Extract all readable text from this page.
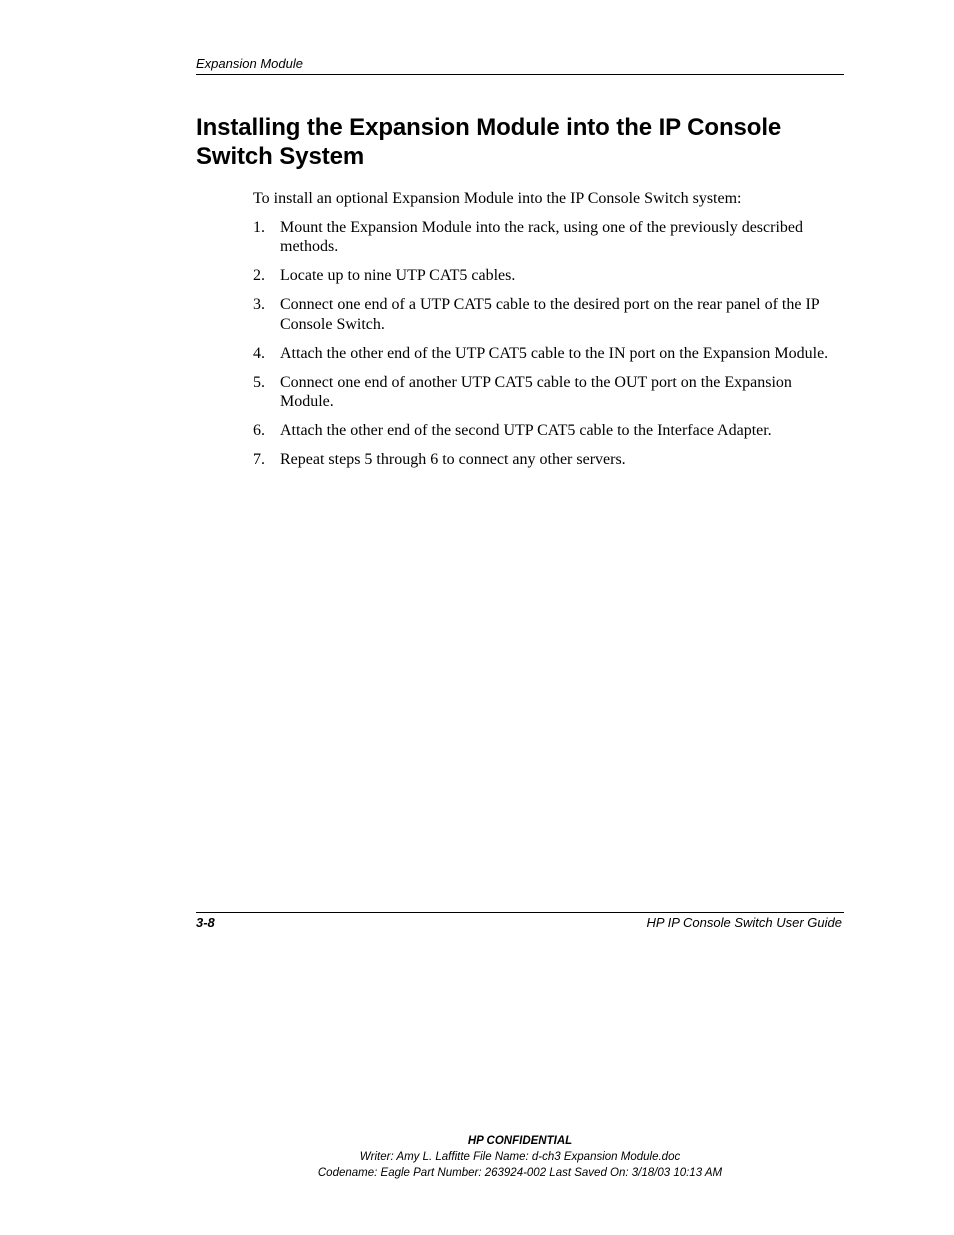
Expansion Module
Installing the Expansion Module into the IP Console Switch System

To install an optional Expansion Module into the IP Console Switch system:

1. Mount the Expansion Module into the rack, using one of the previously described methods.
2. Locate up to nine UTP CAT5 cables.
3. Connect one end of a UTP CAT5 cable to the desired port on the rear panel of the IP Console Switch.
4. Attach the other end of the UTP CAT5 cable to the IN port on the Expansion Module.
5. Connect one end of another UTP CAT5 cable to the OUT port on the Expansion Module.
6. Attach the other end of the second UTP CAT5 cable to the Interface Adapter.
7. Repeat steps 5 through 6 to connect any other servers.
3-8	HP IP Console Switch User Guide
HP CONFIDENTIAL
Writer: Amy L. Laffitte File Name: d-ch3 Expansion Module.doc
Codename: Eagle Part Number: 263924-002 Last Saved On: 3/18/03 10:13 AM
